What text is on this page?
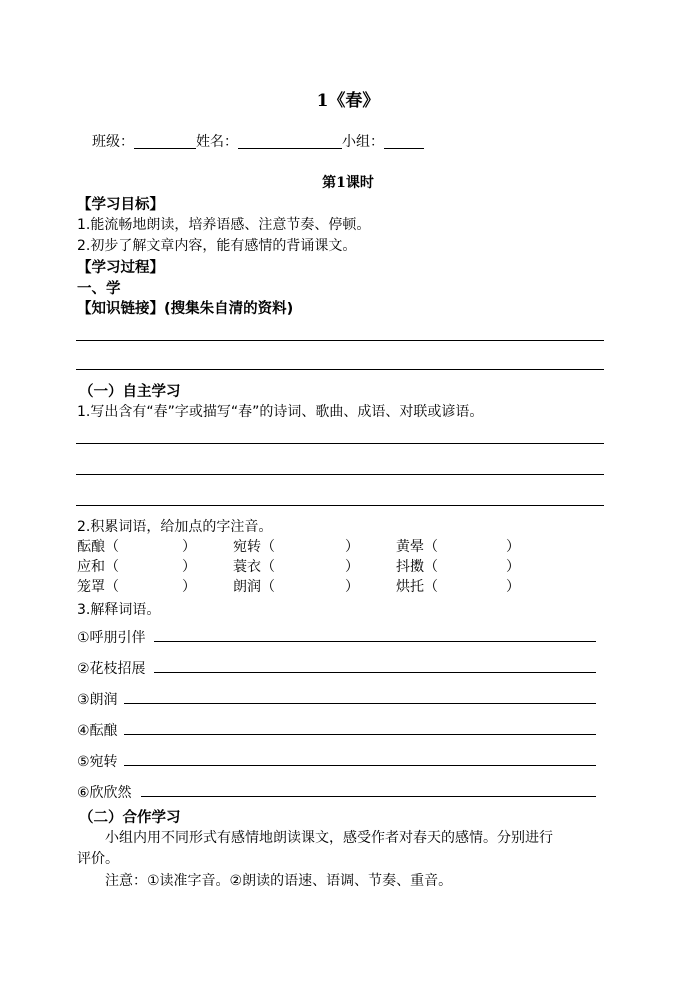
1《春》
班级：	姓名：	小组：
第1课时
【学习目标】
1.能流畅地朗读，培养语感、注意节奏、停顿。
2.初步了解文章内容，能有感情的背诵课文。
【学习过程】
一、学
【知识链接】(搜集朱自清的资料)
（一）自主学习
1.写出含有“春”字或描写“春”的诗词、歌曲、成语、对联或谚语。
2.积累词语，给加点的字注音。
酝酿（	）	宛转（	）	黄晕（	）
应和（	）	蓑衣（	）	抖擞（	）
笼罩（	）	朗润（	）	烘托（	）
3.解释词语。
①呼朋引伴
②花枝招展
③朗润
④酝酿
⑤宛转
⑥欣欣然
（二）合作学习
小组内用不同形式有感情地朗读课文，感受作者对春天的感情。分别进行
评价。
注意：①读准字音。②朗读的语速、语调、节奏、重音。
